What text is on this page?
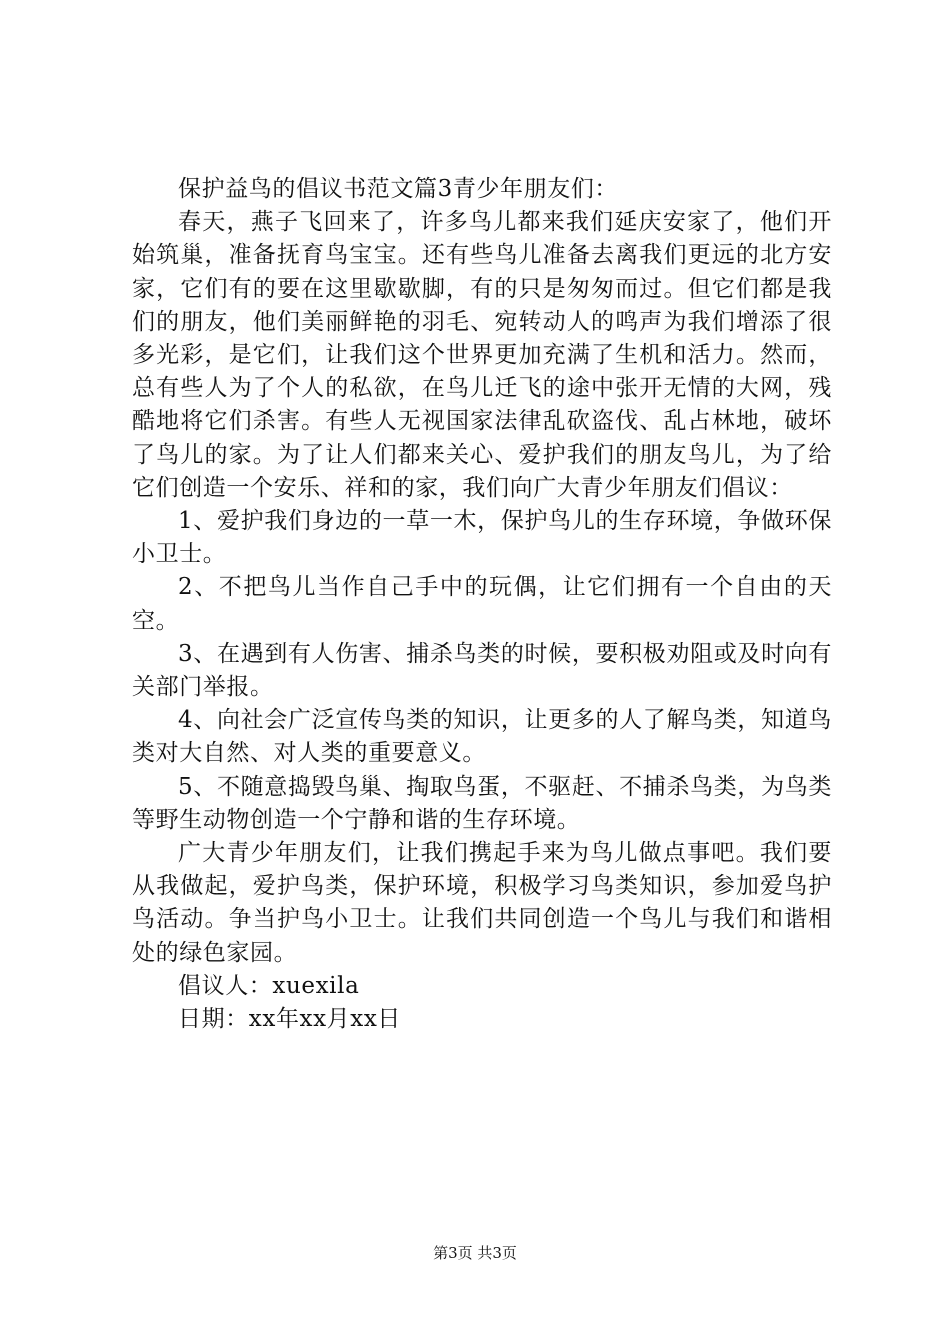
保护益鸟的倡议书范文篇3青少年朋友们：

春天，燕子飞回来了，许多鸟儿都来我们延庆安家了，他们开始筑巢，准备抚育鸟宝宝。还有些鸟儿准备去离我们更远的北方安家，它们有的要在这里歇歇脚，有的只是匆匆而过。但它们都是我们的朋友，他们美丽鲜艳的羽毛、宛转动人的鸣声为我们增添了很多光彩，是它们，让我们这个世界更加充满了生机和活力。然而，总有些人为了个人的私欲，在鸟儿迁飞的途中张开无情的大网，残酷地将它们杀害。有些人无视国家法律乱砍盗伐、乱占林地，破坏了鸟儿的家。为了让人们都来关心、爱护我们的朋友鸟儿，为了给它们创造一个安乐、祥和的家，我们向广大青少年朋友们倡议：

1、爱护我们身边的一草一木，保护鸟儿的生存环境，争做环保小卫士。

2、不把鸟儿当作自己手中的玩偶，让它们拥有一个自由的天空。

3、在遇到有人伤害、捕杀鸟类的时候，要积极劝阻或及时向有关部门举报。

4、向社会广泛宣传鸟类的知识，让更多的人了解鸟类，知道鸟类对大自然、对人类的重要意义。

5、不随意捣毁鸟巢、掏取鸟蛋，不驱赶、不捕杀鸟类，为鸟类等野生动物创造一个宁静和谐的生存环境。

广大青少年朋友们，让我们携起手来为鸟儿做点事吧。我们要从我做起，爱护鸟类，保护环境，积极学习鸟类知识，参加爱鸟护鸟活动。争当护鸟小卫士。让我们共同创造一个鸟儿与我们和谐相处的绿色家园。

倡议人：xuexila

日期：xx年xx月xx日

第3页 共3页
